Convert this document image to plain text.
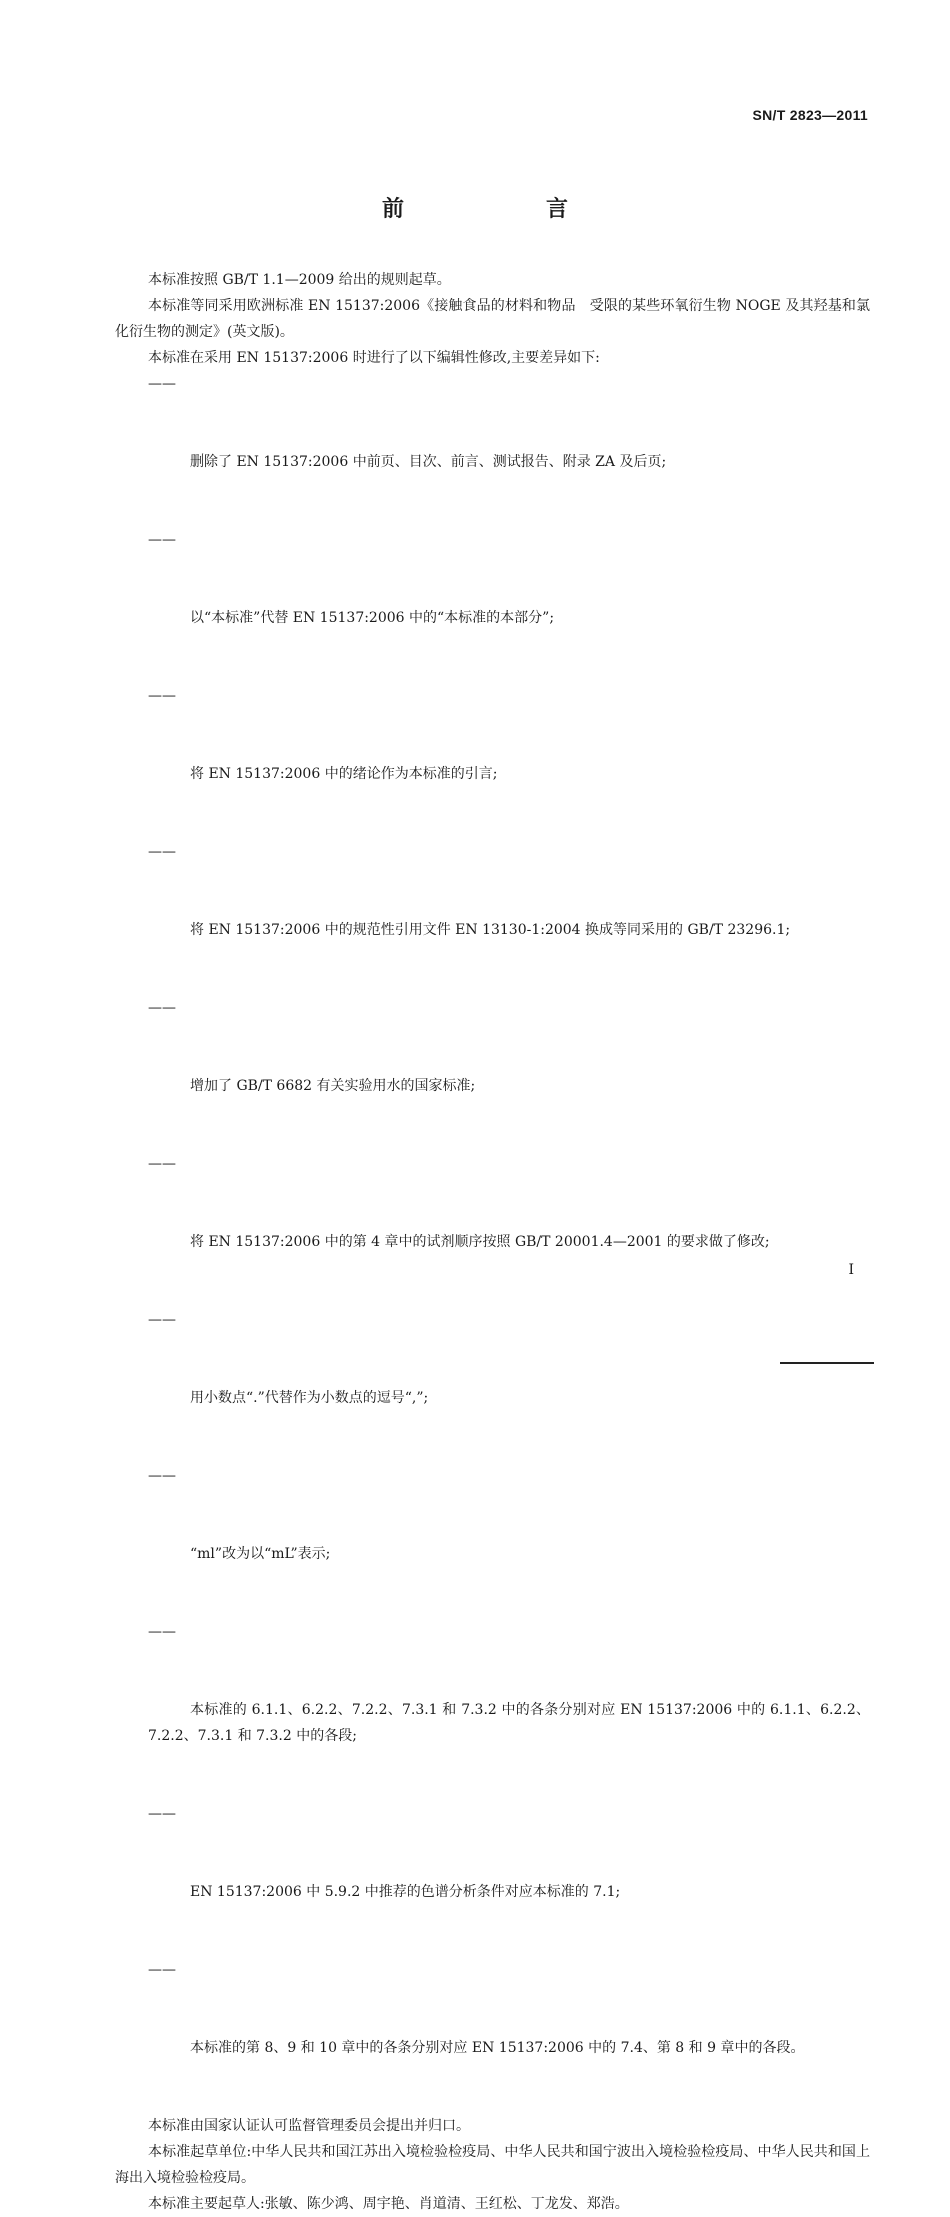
SN/T 2823—2011
前　言

本标准按照 GB/T 1.1—2009 给出的规则起草。

本标准等同采用欧洲标准 EN 15137:2006《接触食品的材料和物品　受限的某些环氧衍生物 NOGE 及其羟基和氯化衍生物的测定》(英文版)。

本标准在采用 EN 15137:2006 时进行了以下编辑性修改,主要差异如下:

——

删除了 EN 15137:2006 中前页、目次、前言、测试报告、附录 ZA 及后页;

——

以“本标准”代替 EN 15137:2006 中的“本标准的本部分”;

——

将 EN 15137:2006 中的绪论作为本标准的引言;

——

将 EN 15137:2006 中的规范性引用文件 EN 13130-1:2004 换成等同采用的 GB/T 23296.1;

——

增加了 GB/T 6682 有关实验用水的国家标准;

——

将 EN 15137:2006 中的第 4 章中的试剂顺序按照 GB/T 20001.4—2001 的要求做了修改;

——

用小数点“.”代替作为小数点的逗号“,”;

——

“ml”改为以“mL”表示;

——

本标准的 6.1.1、6.2.2、7.2.2、7.3.1 和 7.3.2 中的各条分别对应 EN 15137:2006 中的 6.1.1、6.2.2、7.2.2、7.3.1 和 7.3.2 中的各段;

——

EN 15137:2006 中 5.9.2 中推荐的色谱分析条件对应本标准的 7.1;

——

本标准的第 8、9 和 10 章中的各条分别对应 EN 15137:2006 中的 7.4、第 8 和 9 章中的各段。

本标准由国家认证认可监督管理委员会提出并归口。

本标准起草单位:中华人民共和国江苏出入境检验检疫局、中华人民共和国宁波出入境检验检疫局、中华人民共和国上海出入境检验检疫局。

本标准主要起草人:张敏、陈少鸿、周宇艳、肖道清、王红松、丁龙发、郑浩。

I
